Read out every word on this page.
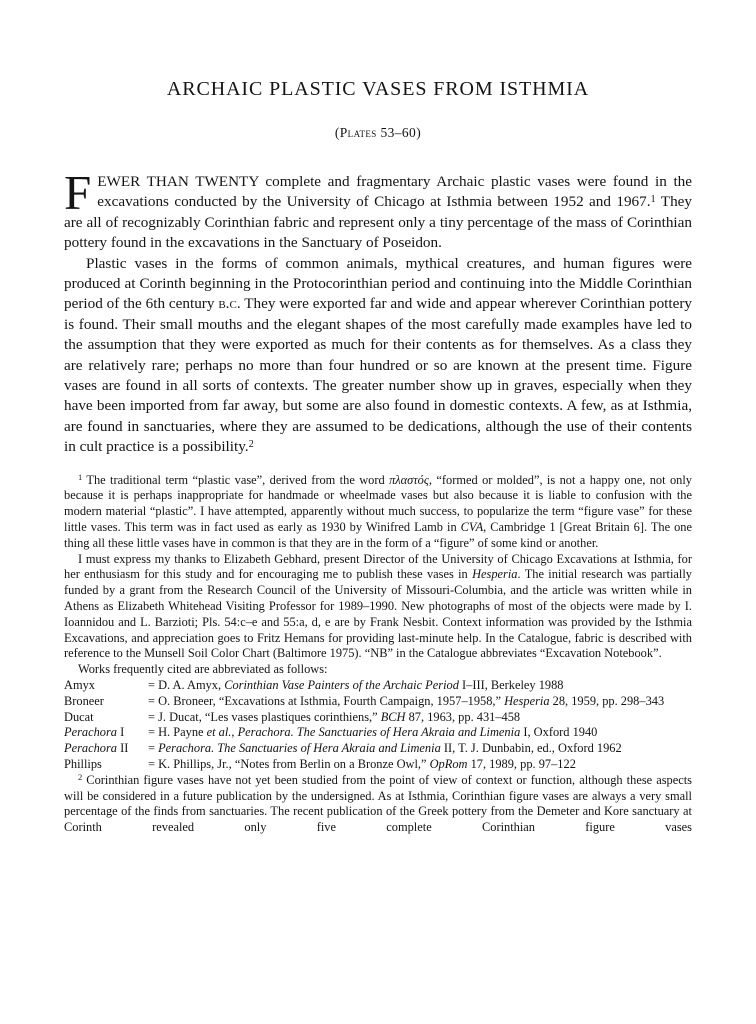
ARCHAIC PLASTIC VASES FROM ISTHMIA
(Plates 53–60)

F EWER THAN TWENTY complete and fragmentary Archaic plastic vases were found in the excavations conducted by the University of Chicago at Isthmia between 1952 and 1967.$^1$ They are all of recognizably Corinthian fabric and represent only a tiny percentage of the mass of Corinthian pottery found in the excavations in the Sanctuary of Poseidon.

Plastic vases in the forms of common animals, mythical creatures, and human figures were produced at Corinth beginning in the Protocorinthian period and continuing into the Middle Corinthian period of the 6th century b.c. They were exported far and wide and appear wherever Corinthian pottery is found. Their small mouths and the elegant shapes of the most carefully made examples have led to the assumption that they were exported as much for their contents as for themselves. As a class they are relatively rare; perhaps no more than four hundred or so are known at the present time. Figure vases are found in all sorts of contexts. The greater number show up in graves, especially when they have been imported from far away, but some are also found in domestic contexts. A few, as at Isthmia, are found in sanctuaries, where they are assumed to be dedications, although the use of their contents in cult practice is a possibility.$^2$

$^1$ The traditional term “plastic vase”, derived from the word πλαστός, “formed or molded”, is not a happy one, not only because it is perhaps inappropriate for handmade or wheelmade vases but also because it is liable to confusion with the modern material “plastic”. I have attempted, apparently without much success, to popularize the term “figure vase” for these little vases. This term was in fact used as early as 1930 by Winifred Lamb in CVA, Cambridge 1 [Great Britain 6]. The one thing all these little vases have in common is that they are in the form of a “figure” of some kind or another.

I must express my thanks to Elizabeth Gebhard, present Director of the University of Chicago Excavations at Isthmia, for her enthusiasm for this study and for encouraging me to publish these vases in Hesperia. The initial research was partially funded by a grant from the Research Council of the University of Missouri-Columbia, and the article was written while in Athens as Elizabeth Whitehead Visiting Professor for 1989–1990. New photographs of most of the objects were made by I. Ioannidou and L. Barzioti; Pls. 54:c–e and 55:a, d, e are by Frank Nesbit. Context information was provided by the Isthmia Excavations, and appreciation goes to Fritz Hemans for providing last-minute help. In the Catalogue, fabric is described with reference to the Munsell Soil Color Chart (Baltimore 1975). “NB” in the Catalogue abbreviates “Excavation Notebook”.

Works frequently cited are abbreviated as follows:

Amyx	= D. A. Amyx, Corinthian Vase Painters of the Archaic Period I–III, Berkeley 1988
Broneer	= O. Broneer, “Excavations at Isthmia, Fourth Campaign, 1957–1958,” Hesperia 28, 1959, pp. 298–343
Ducat	= J. Ducat, “Les vases plastiques corinthiens,” BCH 87, 1963, pp. 431–458
Perachora I	= H. Payne et al., Perachora. The Sanctuaries of Hera Akraia and Limenia I, Oxford 1940
Perachora II	= Perachora. The Sanctuaries of Hera Akraia and Limenia II, T. J. Dunbabin, ed., Oxford 1962
Phillips	= K. Phillips, Jr., “Notes from Berlin on a Bronze Owl,” OpRom 17, 1989, pp. 97–122

$^2$ Corinthian figure vases have not yet been studied from the point of view of context or function, although these aspects will be considered in a future publication by the undersigned. As at Isthmia, Corinthian figure vases are always a very small percentage of the finds from sanctuaries. The recent publication of the Greek pottery from the Demeter and Kore sanctuary at Corinth revealed only five complete Corinthian figure vases
